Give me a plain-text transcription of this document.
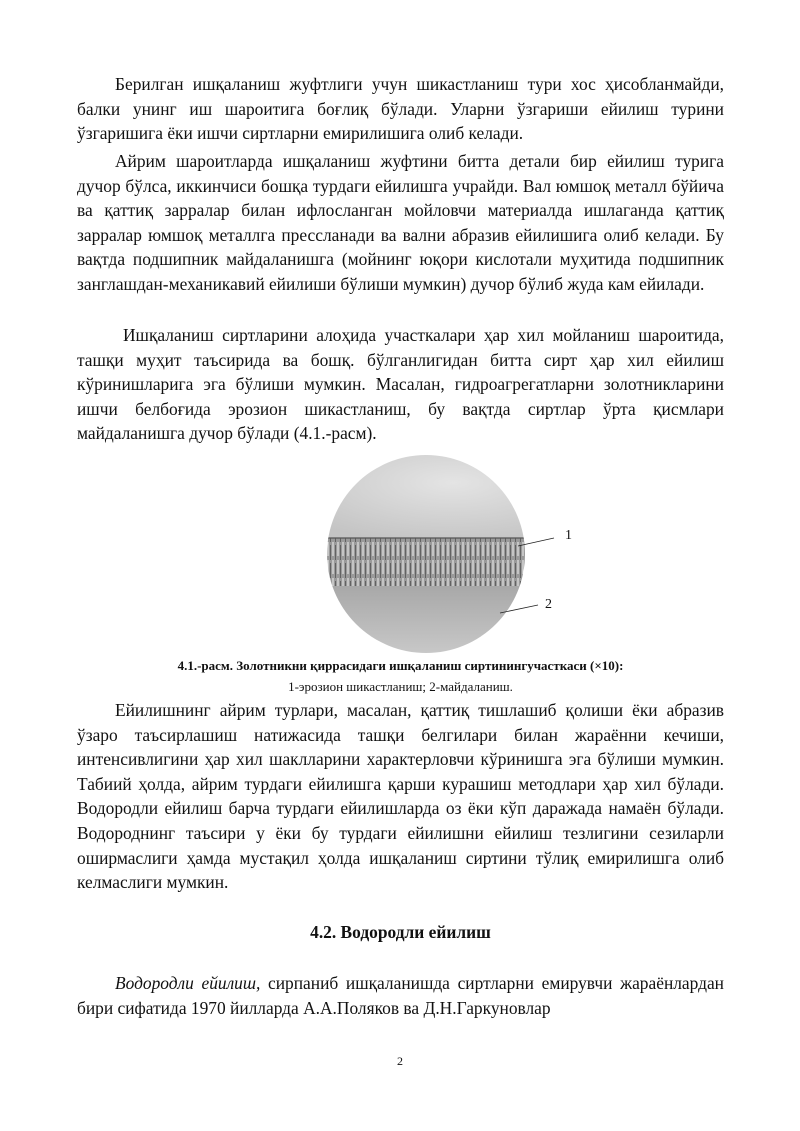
Берилган ишқаланиш жуфтлиги учун шикастланиш тури хос ҳисобланмайди, балки унинг иш шароитига боғлиқ бўлади. Уларни ўзгариши ейилиш турини ўзгаришига ёки ишчи сиртларни емирилишига олиб келади.

Айрим шароитларда ишқаланиш жуфтини битта детали бир ейилиш турига дучор бўлса, иккинчиси бошқа турдаги ейилишга учрайди. Вал юмшоқ металл бўйича ва қаттиқ зарралар билан ифлосланган мойловчи материалда ишлаганда қаттиқ зарралар юмшоқ металлга прессланади ва вални абразив ейилишига олиб келади. Бу вақтда подшипник майдаланишга (мойнинг юқори кислотали муҳитида подшипник занглашдан-механикавий ейилиши бўлиши мумкин) дучор бўлиб жуда кам ейилади.

Ишқаланиш сиртларини алоҳида участкалари ҳар хил мойланиш шароитида, ташқи муҳит таъсирида ва бошқ. бўлганлигидан битта сирт ҳар хил ейилиш кўринишларига эга бўлиши мумкин. Масалан, гидроагрегатларни золотникларини ишчи белбоғида эрозион шикастланиш, бу вақтда сиртлар ўрта қисмлари майдаланишга дучор бўлади (4.1.-расм).

1
2
4.1.-расм. Золотникни қиррасидаги ишқаланиш сиртинингучасткаси (×10):
1-эрозион шикастланиш; 2-майдаланиш.

Ейилишнинг айрим турлари, масалан, қаттиқ тишлашиб қолиши ёки абразив ўзаро таъсирлашиш натижасида ташқи белгилари билан жараённи кечиши, интенсивлигини ҳар хил шаклларини характерловчи кўринишга эга бўлиши мумкин. Табиий ҳолда, айрим турдаги ейилишга қарши курашиш методлари ҳар хил бўлади. Водородли ейилиш барча турдаги ейилишларда оз ёки кўп даражада намаён бўлади. Водороднинг таъсири у ёки бу турдаги ейилишни ейилиш тезлигини сезиларли оширмаслиги ҳамда мустақил ҳолда ишқаланиш сиртини тўлиқ емирилишга олиб келмаслиги мумкин.

4.2. Водородли ейилиш

Водородли ейилиш, сирпаниб ишқаланишда сиртларни емирувчи жараёнлардан бири сифатида 1970 йилларда А.А.Поляков ва Д.Н.Гаркуновлар

2
